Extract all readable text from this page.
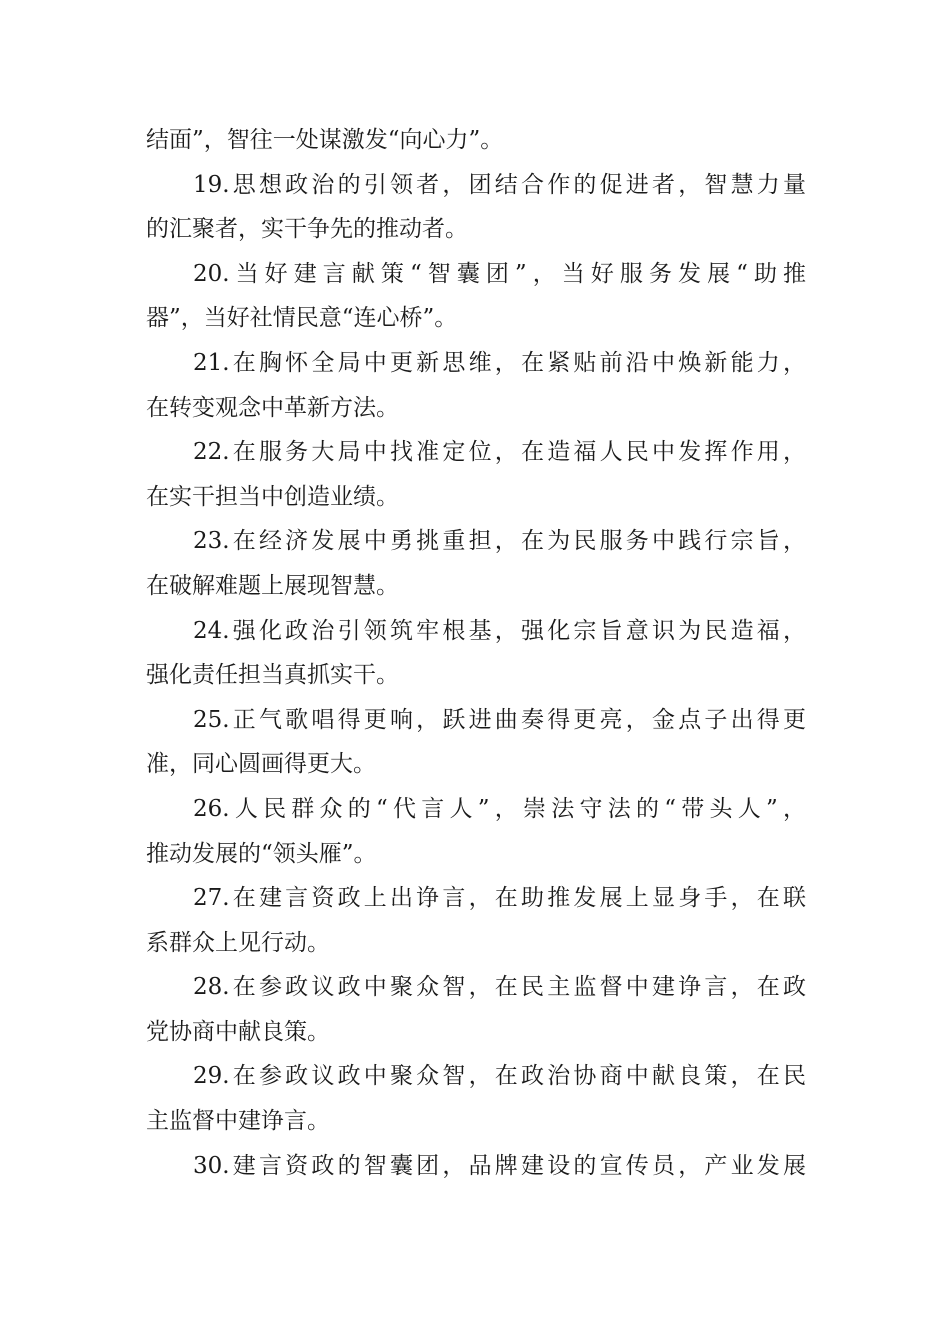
结面”，智往一处谋激发“向心力”。
19.思想政治的引领者，团结合作的促进者，智慧力量
的汇聚者，实干争先的推动者。
20.当好建言献策“智囊团”，当好服务发展“助推
器”，当好社情民意“连心桥”。
21.在胸怀全局中更新思维，在紧贴前沿中焕新能力，
在转变观念中革新方法。
22.在服务大局中找准定位，在造福人民中发挥作用，
在实干担当中创造业绩。
23.在经济发展中勇挑重担，在为民服务中践行宗旨，
在破解难题上展现智慧。
24.强化政治引领筑牢根基，强化宗旨意识为民造福，
强化责任担当真抓实干。
25.正气歌唱得更响，跃进曲奏得更亮，金点子出得更
准，同心圆画得更大。
26.人民群众的“代言人”，崇法守法的“带头人”，
推动发展的“领头雁”。
27.在建言资政上出诤言，在助推发展上显身手，在联
系群众上见行动。
28.在参政议政中聚众智，在民主监督中建诤言，在政
党协商中献良策。
29.在参政议政中聚众智，在政治协商中献良策，在民
主监督中建诤言。
30.建言资政的智囊团，品牌建设的宣传员，产业发展
